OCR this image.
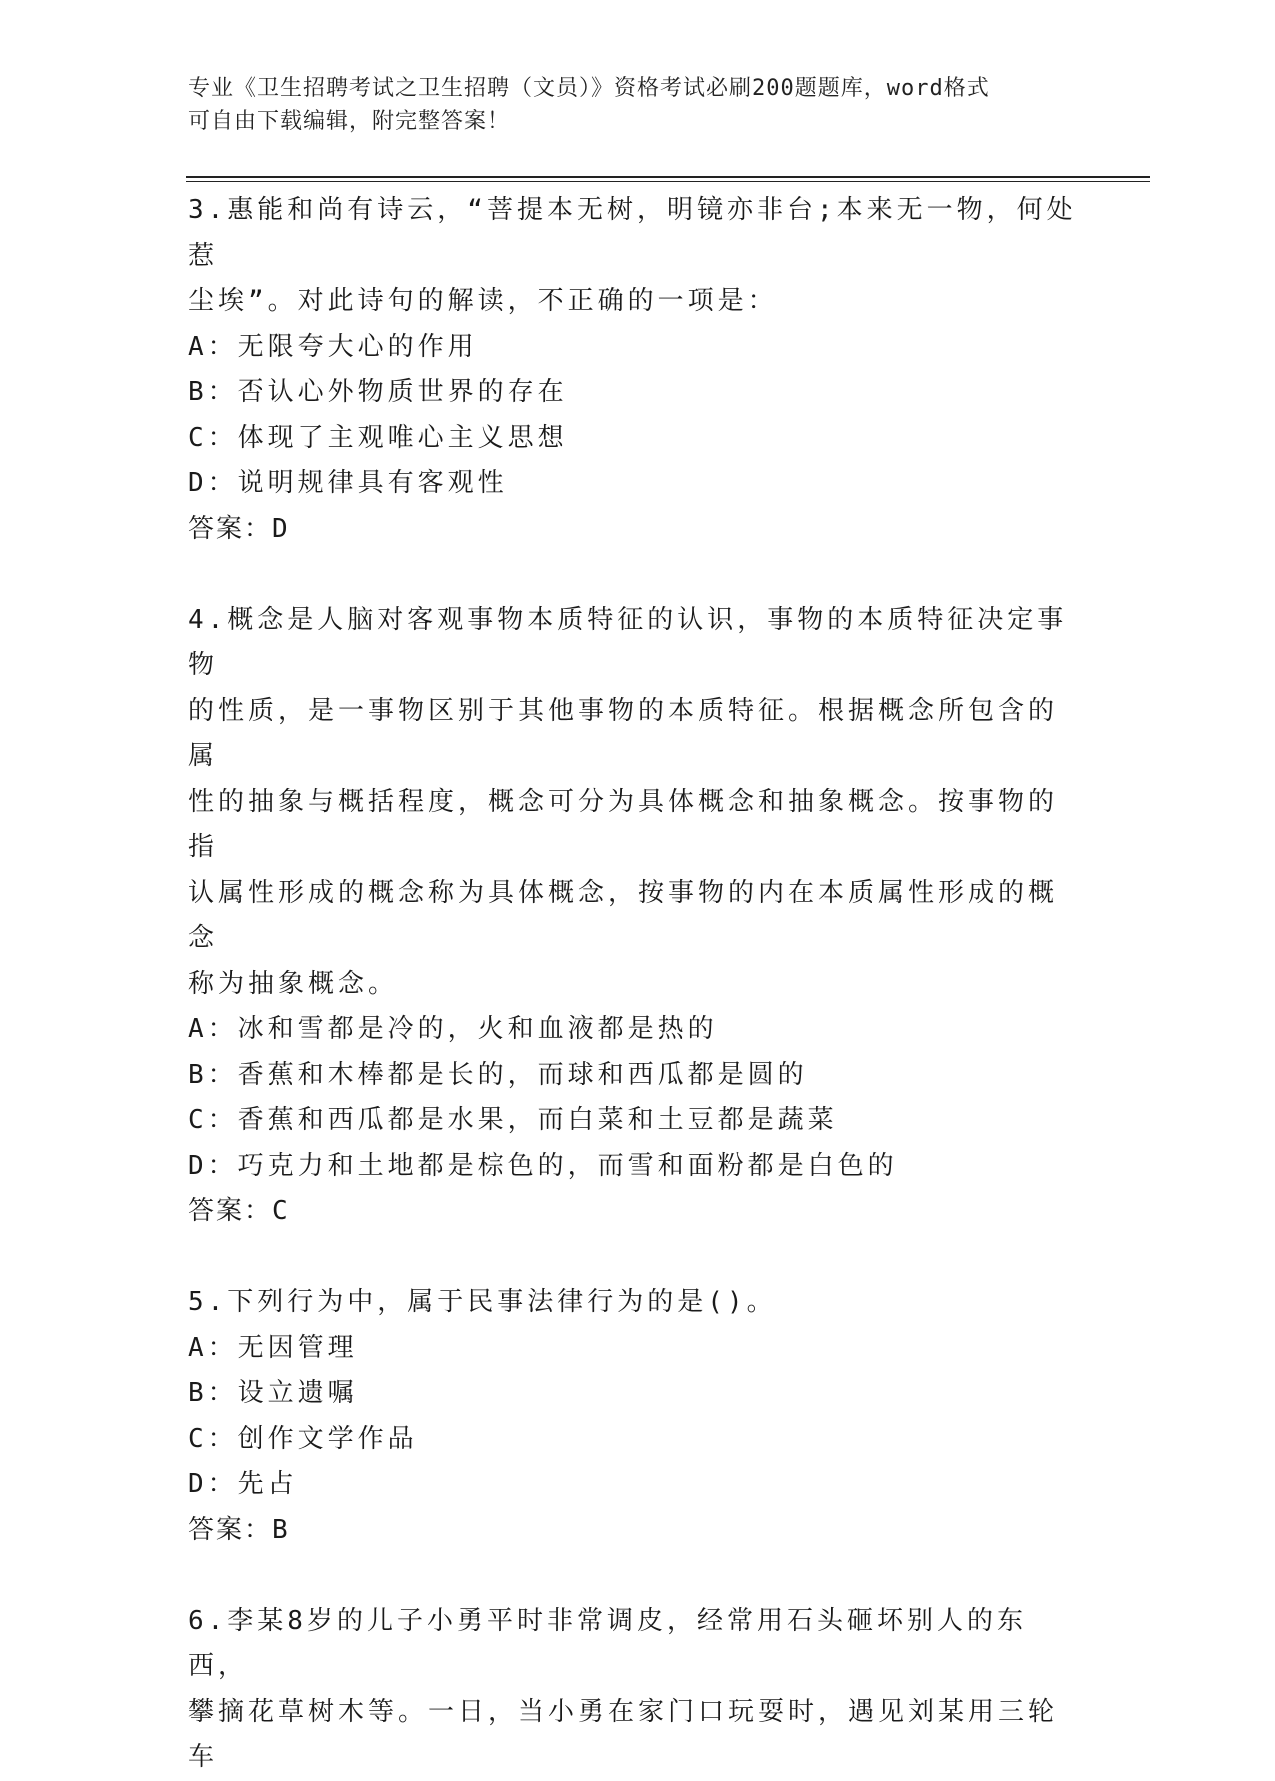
专业《卫生招聘考试之卫生招聘（文员）》资格考试必刷200题题库，word格式
可自由下载编辑，附完整答案！

3.惠能和尚有诗云，“菩提本无树，明镜亦非台;本来无一物，何处惹

尘埃”。对此诗句的解读，不正确的一项是：

A：无限夸大心的作用

B：否认心外物质世界的存在

C：体现了主观唯心主义思想

D：说明规律具有客观性

答案：D

4.概念是人脑对客观事物本质特征的认识，事物的本质特征决定事物

的性质，是一事物区别于其他事物的本质特征。根据概念所包含的属

性的抽象与概括程度，概念可分为具体概念和抽象概念。按事物的指

认属性形成的概念称为具体概念，按事物的内在本质属性形成的概念

称为抽象概念。

A：冰和雪都是冷的，火和血液都是热的

B：香蕉和木棒都是长的，而球和西瓜都是圆的

C：香蕉和西瓜都是水果，而白菜和土豆都是蔬菜

D：巧克力和土地都是棕色的，而雪和面粉都是白色的

答案：C

5.下列行为中，属于民事法律行为的是()。

A：无因管理

B：设立遗嘱

C：创作文学作品

D：先占

答案：B

6.李某8岁的儿子小勇平时非常调皮，经常用石头砸坏别人的东西，

攀摘花草树木等。一日，当小勇在家门口玩耍时，遇见刘某用三轮车
